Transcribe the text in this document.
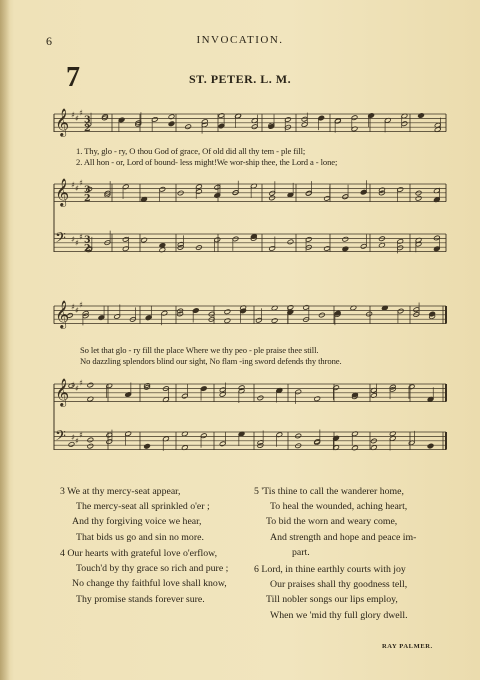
6	INVOCATION.
7	ST. PETER. L. M.
𝄞 ♯ ♯
♯
3
2
𝄞 ♯ ♯
♯
3
2
𝄢 ♯ ♯
♯ 3
2
𝄞 ♯ ♯
♯
𝄞 ♯ ♯
♯
𝄢 ♯ ♯
♯
1. Thy, glo - ry, O thou God of grace, Of old did all thy tem - ple fill;
2. All hon - or, Lord of bound- less might!We wor-ship thee, the Lord a - lone;
So let that glo - ry fill the place Where we thy peo - ple praise thee still.
No dazzling splendors blind our sight, No flam -ing sword defends thy throne.
3 We at thy mercy-seat appear,
The mercy-seat all sprinkled o'er ;
And thy forgiving voice we hear,
That bids us go and sin no more.
4 Our hearts with grateful love o'erflow,
Touch'd by thy grace so rich and pure ;
No change thy faithful love shall know,
Thy promise stands forever sure.
5 'Tis thine to call the wanderer home,
To heal the wounded, aching heart,
To bid the worn and weary come,
And strength and hope and peace im-
part.
6 Lord, in thine earthly courts with joy
Our praises shall thy goodness tell,
Till nobler songs our lips employ,
When we 'mid thy full glory dwell.
RAY PALMER.
